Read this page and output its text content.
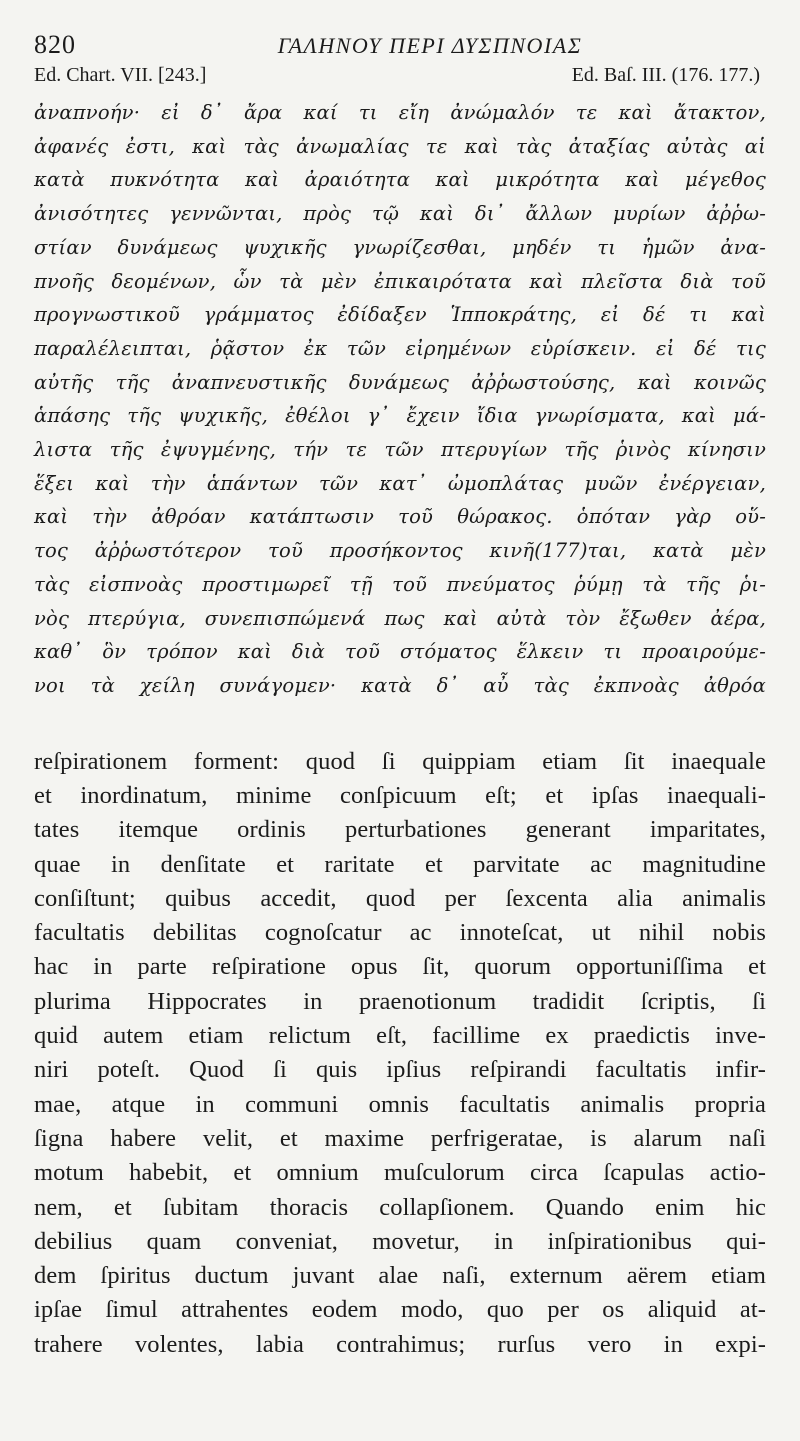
820	ΓΑΛΗΝΟΥ ΠΕΡΙ ΔΥΣΠΝΟΙΑΣ
Ed. Chart. VII. [243.]	Ed. Baſ. III. (176. 177.)
ἀναπνοήν· εἰ δ᾽ ἄρα καί τι εἴη ἀνώμαλόν τε καὶ ἄτακτον,
ἀφανές ἐστι, καὶ τὰς ἀνωμαλίας τε καὶ τὰς ἀταξίας αὐτὰς αἱ
κατὰ πυκνότητα καὶ ἀραιότητα καὶ μικρότητα καὶ μέγεθος
ἀνισότητες γεννῶνται, πρὸς τῷ καὶ δι᾽ ἄλλων μυρίων ἀῤῥω-
στίαν δυνάμεως ψυχικῆς γνωρίζεσθαι, μηδέν τι ἡμῶν ἀνα-
πνοῆς δεομένων, ὧν τὰ μὲν ἐπικαιρότατα καὶ πλεῖστα διὰ τοῦ
προγνωστικοῦ γράμματος ἐδίδαξεν Ἱπποκράτης, εἰ δέ τι καὶ
παραλέλειπται, ῥᾷστον ἐκ τῶν εἰρημένων εὑρίσκειν. εἰ δέ τις
αὐτῆς τῆς ἀναπνευστικῆς δυνάμεως ἀῤῥωστούσης, καὶ κοινῶς
ἁπάσης τῆς ψυχικῆς, ἐθέλοι γ᾽ ἔχειν ἴδια γνωρίσματα, καὶ μά-
λιστα τῆς ἐψυγμένης, τήν τε τῶν πτερυγίων τῆς ῥινὸς κίνησιν
ἕξει καὶ τὴν ἁπάντων τῶν κατ᾽ ὠμοπλάτας μυῶν ἐνέργειαν,
καὶ τὴν ἀθρόαν κατάπτωσιν τοῦ θώρακος. ὁπόταν γὰρ οὕ-
τος ἀῤῥωστότερον τοῦ προσήκοντος κινῆ(177)ται, κατὰ μὲν
τὰς εἰσπνοὰς προστιμωρεῖ τῇ τοῦ πνεύματος ῥύμῃ τὰ τῆς ῥι-
νὸς πτερύγια, συνεπισπώμενά πως καὶ αὐτὰ τὸν ἔξωθεν ἀέρα,
καθ᾽ ὃν τρόπον καὶ διὰ τοῦ στόματος ἕλκειν τι προαιρούμε-
νοι τὰ χείλη συνάγομεν· κατὰ δ᾽ αὖ τὰς ἐκπνοὰς ἀθρόα
reſpirationem forment: quod ſi quippiam etiam ſit inaequale
et inordinatum, minime conſpicuum eſt; et ipſas inaequali-
tates itemque ordinis perturbationes generant imparitates,
quae in denſitate et raritate et parvitate ac magnitudine
conſiſtunt; quibus accedit, quod per ſexcenta alia animalis
facultatis debilitas cognoſcatur ac innoteſcat, ut nihil nobis
hac in parte reſpiratione opus ſit, quorum opportuniſſima et
plurima Hippocrates in praenotionum tradidit ſcriptis, ſi
quid autem etiam relictum eſt, facillime ex praedictis inve-
niri poteſt. Quod ſi quis ipſius reſpirandi facultatis infir-
mae, atque in communi omnis facultatis animalis propria
ſigna habere velit, et maxime perfrigeratae, is alarum naſi
motum habebit, et omnium muſculorum circa ſcapulas actio-
nem, et ſubitam thoracis collapſionem. Quando enim hic
debilius quam conveniat, movetur, in inſpirationibus qui-
dem ſpiritus ductum juvant alae naſi, externum aërem etiam
ipſae ſimul attrahentes eodem modo, quo per os aliquid at-
trahere volentes, labia contrahimus; rurſus vero in expi-
